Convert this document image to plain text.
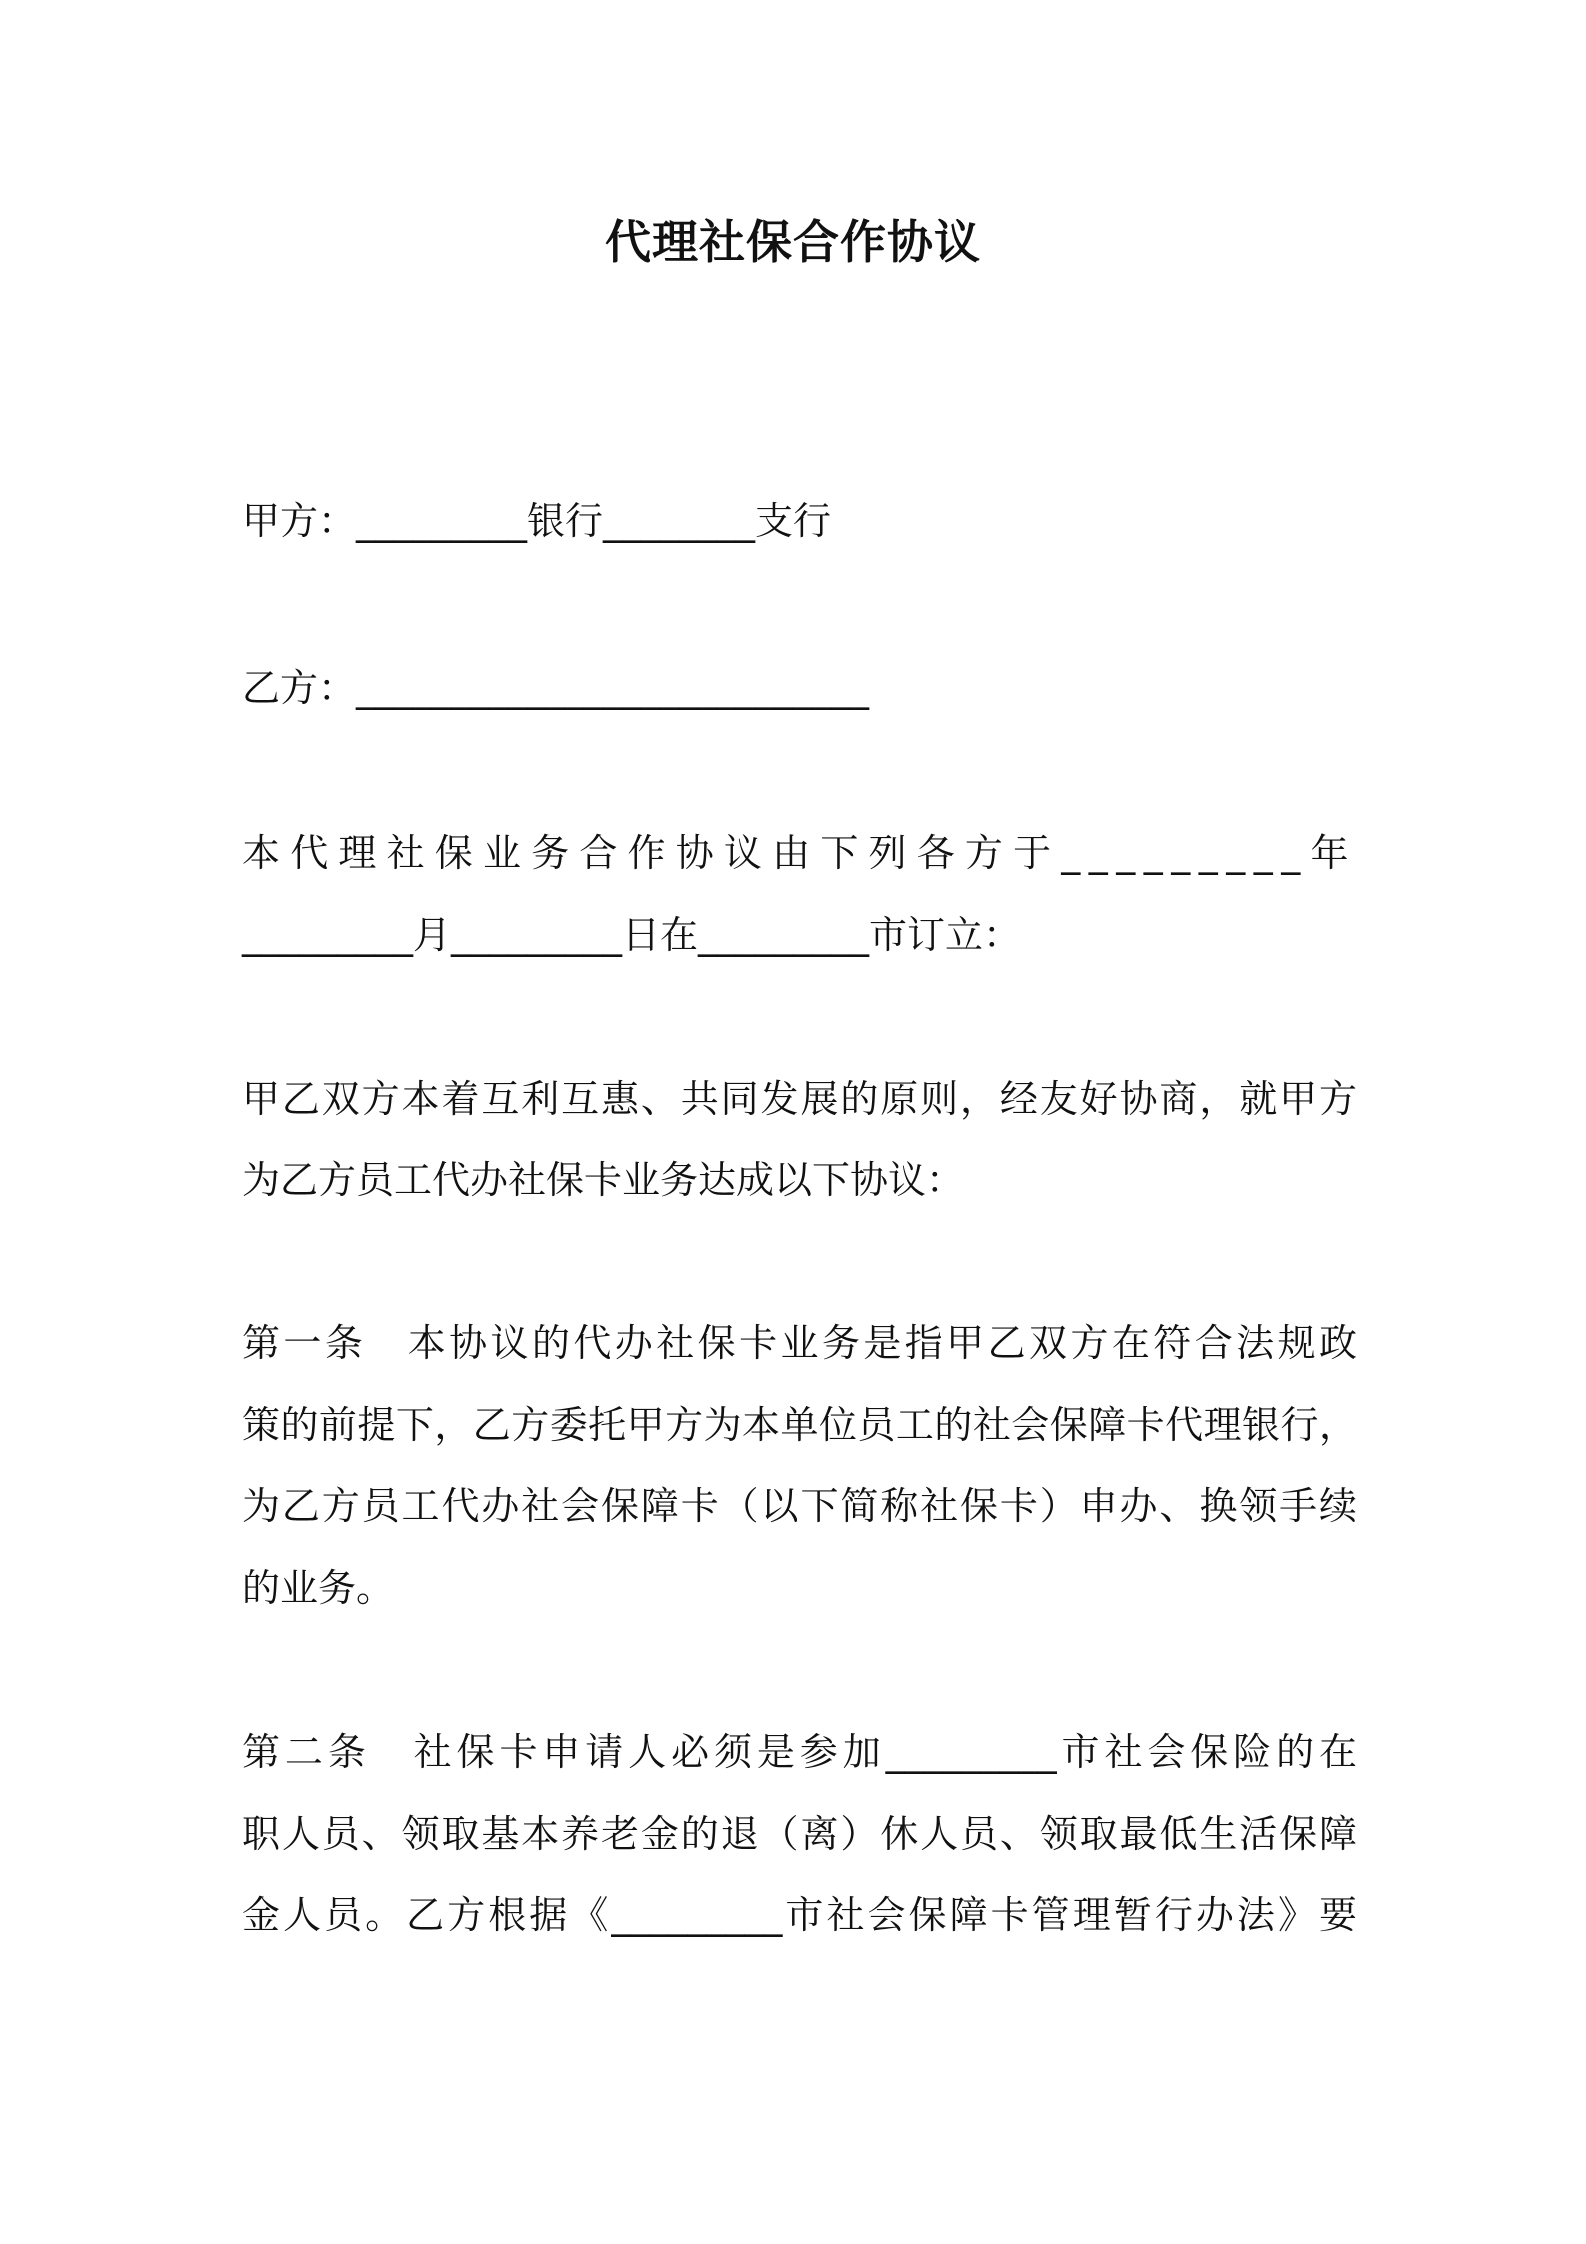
代理社保合作协议
甲方：_________银行________支行
乙方：___________________________
本代理社保业务合作协议由下列各方于_________年
_________月_________日在_________市订立：
甲乙双方本着互利互惠、共同发展的原则，经友好协商，就甲方
为乙方员工代办社保卡业务达成以下协议：
第一条　本协议的代办社保卡业务是指甲乙双方在符合法规政
策的前提下，乙方委托甲方为本单位员工的社会保障卡代理银行，
为乙方员工代办社会保障卡（以下简称社保卡）申办、换领手续
的业务。
第二条　社保卡申请人必须是参加_________市社会保险的在
职人员、领取基本养老金的退（离）休人员、领取最低生活保障
金人员。乙方根据《_________市社会保障卡管理暂行办法》要
